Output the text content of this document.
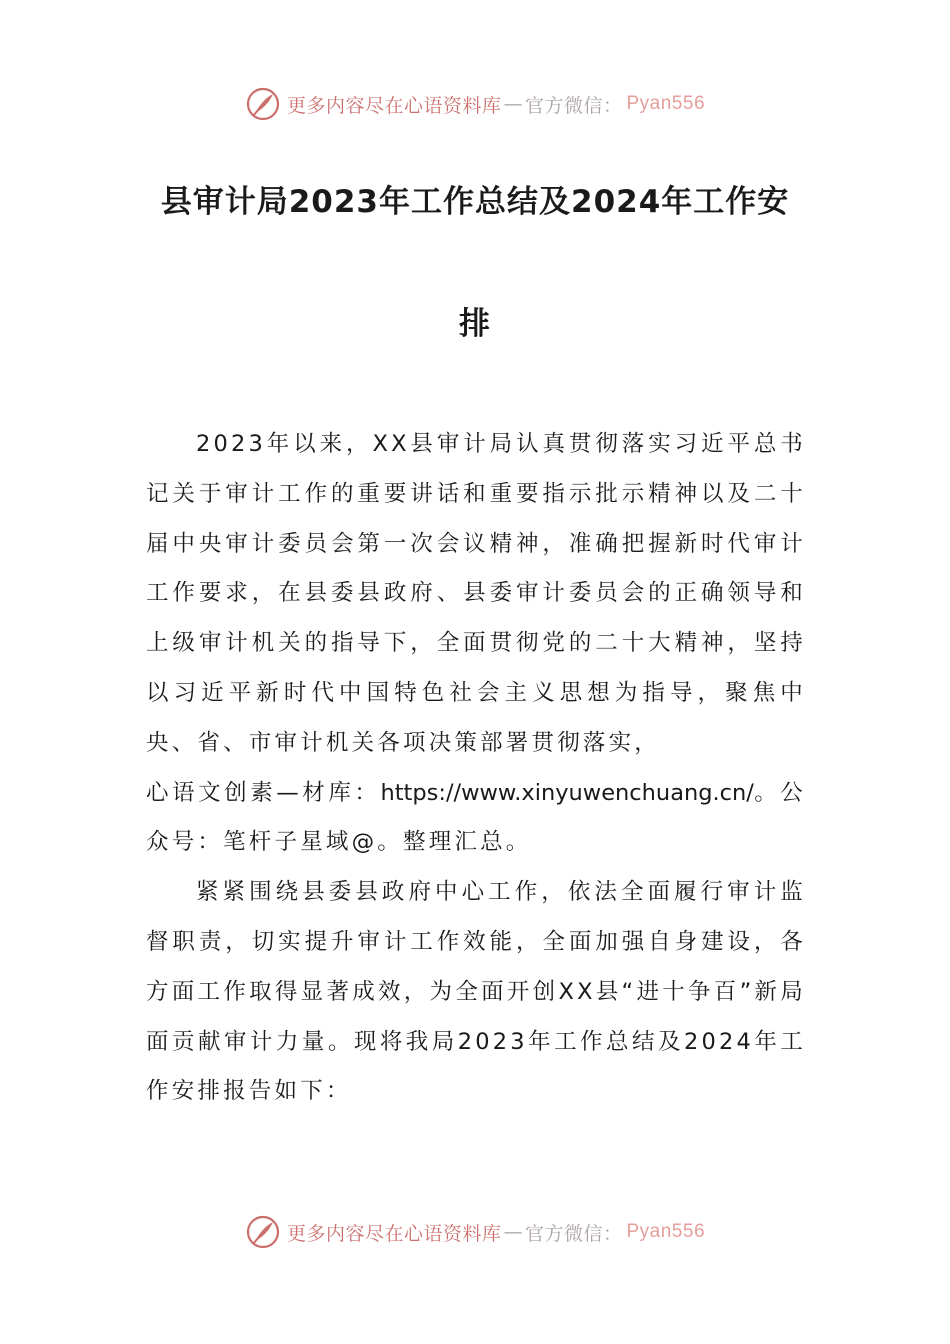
更多内容尽在心语资料库 — 官方微信： Pyan556
县审计局2023年工作总结及2024年工作安
排

2023年以来，XX县审计局认真贯彻落实习近平总书记关于审计工作的重要讲话和重要指示批示精神以及二十届中央审计委员会第一次会议精神，准确把握新时代审计工作要求，在县委县政府、县委审计委员会的正确领导和上级审计机关的指导下，全面贯彻党的二十大精神，坚持以习近平新时代中国特色社会主义思想为指导，聚焦中央、省、市审计机关各项决策部署贯彻落实，

心语文创素—材库：https://www.xinyuwenchuang.cn/。公众号：笔杆子星域@。整理汇总。

紧紧围绕县委县政府中心工作，依法全面履行审计监督职责，切实提升审计工作效能，全面加强自身建设，各方面工作取得显著成效，为全面开创XX县“进十争百”新局面贡献审计力量。现将我局2023年工作总结及2024年工作安排报告如下：

更多内容尽在心语资料库 — 官方微信： Pyan556
